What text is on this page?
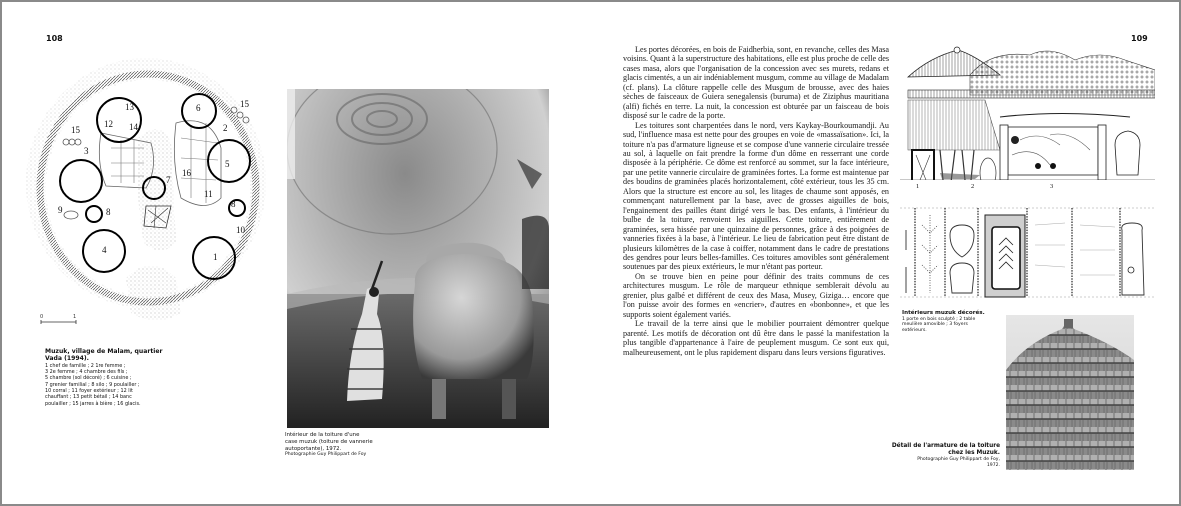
108	109
1
2
3
4
5
6
7
8
8
9
10
11
12
13
14
15
15
16
0	1
Muzuk, village de Malam, quartier Vada (1994).
1 chef de famille ; 2 1re femme ;
3 2e femme ; 4 chambre des fils ;
5 chambre (sol décoré) ; 6 cuisine ;
7 grenier familial ; 8 silo ; 9 poulailler ;
10 corral ; 11 foyer extérieur ; 12 lit
chauffant ; 13 petit bétail ; 14 banc
poulailler ; 15 jarres à bière ; 16 glacis.
Intérieur de la toiture d'une
case muzuk (toiture de vannerie
autoportante), 1972.
Photographie Guy Philippart de Foy

Les portes décorées, en bois de Faidherbia, sont, en revanche, celles des Masa voisins. Quant à la superstructure des habitations, elle est plus proche de celle des cases masa, alors que l'organisation de la concession avec ses murets, redans et glacis cimentés, a un air indéniablement musgum, comme au village de Madalam (cf. plans). La clôture rappelle celle des Musgum de brousse, avec des haies sèches de faisceaux de Guiera senegalensis (buruma) et de Ziziphus mauritiana (alfi) fichés en terre. La nuit, la concession est obturée par un faisceau de bois disposé sur le cadre de la porte.

Les toitures sont charpentées dans le nord, vers Kaykay-Bourkoumandji. Au sud, l'influence masa est nette pour des groupes en voie de «massaïsation». Ici, la toiture n'a pas d'armature ligneuse et se compose d'une vannerie circulaire tressée au sol, à laquelle on fait prendre la forme d'un dôme en resserrant une corde disposée à la périphérie. Ce dôme est renforcé au sommet, sur la face intérieure, par une petite vannerie circulaire de graminées fortes. La forme est maintenue par des boudins de graminées placés horizontalement, côté extérieur, tous les 35 cm. Alors que la structure est encore au sol, les litages de chaume sont apposés, en commençant naturellement par la base, avec de grosses aiguilles de bois, l'engainement des pailles étant dirigé vers le bas. Des enfants, à l'intérieur du bulbe de la toiture, renvoient les aiguilles. Cette toiture, entièrement de graminées, sera hissée par une quinzaine de personnes, grâce à des poignées de vanneries fixées à la base, à l'intérieur. Le lieu de fabrication peut être distant de plusieurs kilomètres de la case à coiffer, notamment dans le cadre de prestations des gendres pour leurs belles-familles. Ces toitures amovibles sont généralement soutenues par des pieux extérieurs, le mur n'étant pas porteur.

On se trouve bien en peine pour définir des traits communs de ces architectures musgum. Le rôle de marqueur ethnique semblerait dévolu au grenier, plus galbé et différent de ceux des Masa, Musey, Giziga… encore que l'on puisse avoir des formes en «encrier», d'autres en «bonbonne», et que les supports soient également variés.

Le travail de la terre ainsi que le mobilier pourraient démontrer quelque parenté. Les motifs de décoration ont dû être dans le passé la manifestation la plus tangible d'appartenance à l'aire de peuplement musgum. Ce sont eux qui, malheureusement, ont le plus rapidement disparu dans leurs versions figuratives.

1	2	3
Intérieurs muzuk décorés.
1 porte en bois sculpté ; 2 table
meulière amovible ; 3 foyers
extérieurs.
Détail de l'armature de la toiture
chez les Muzuk.
Photographie Guy Philippart de Foy,
1972.
